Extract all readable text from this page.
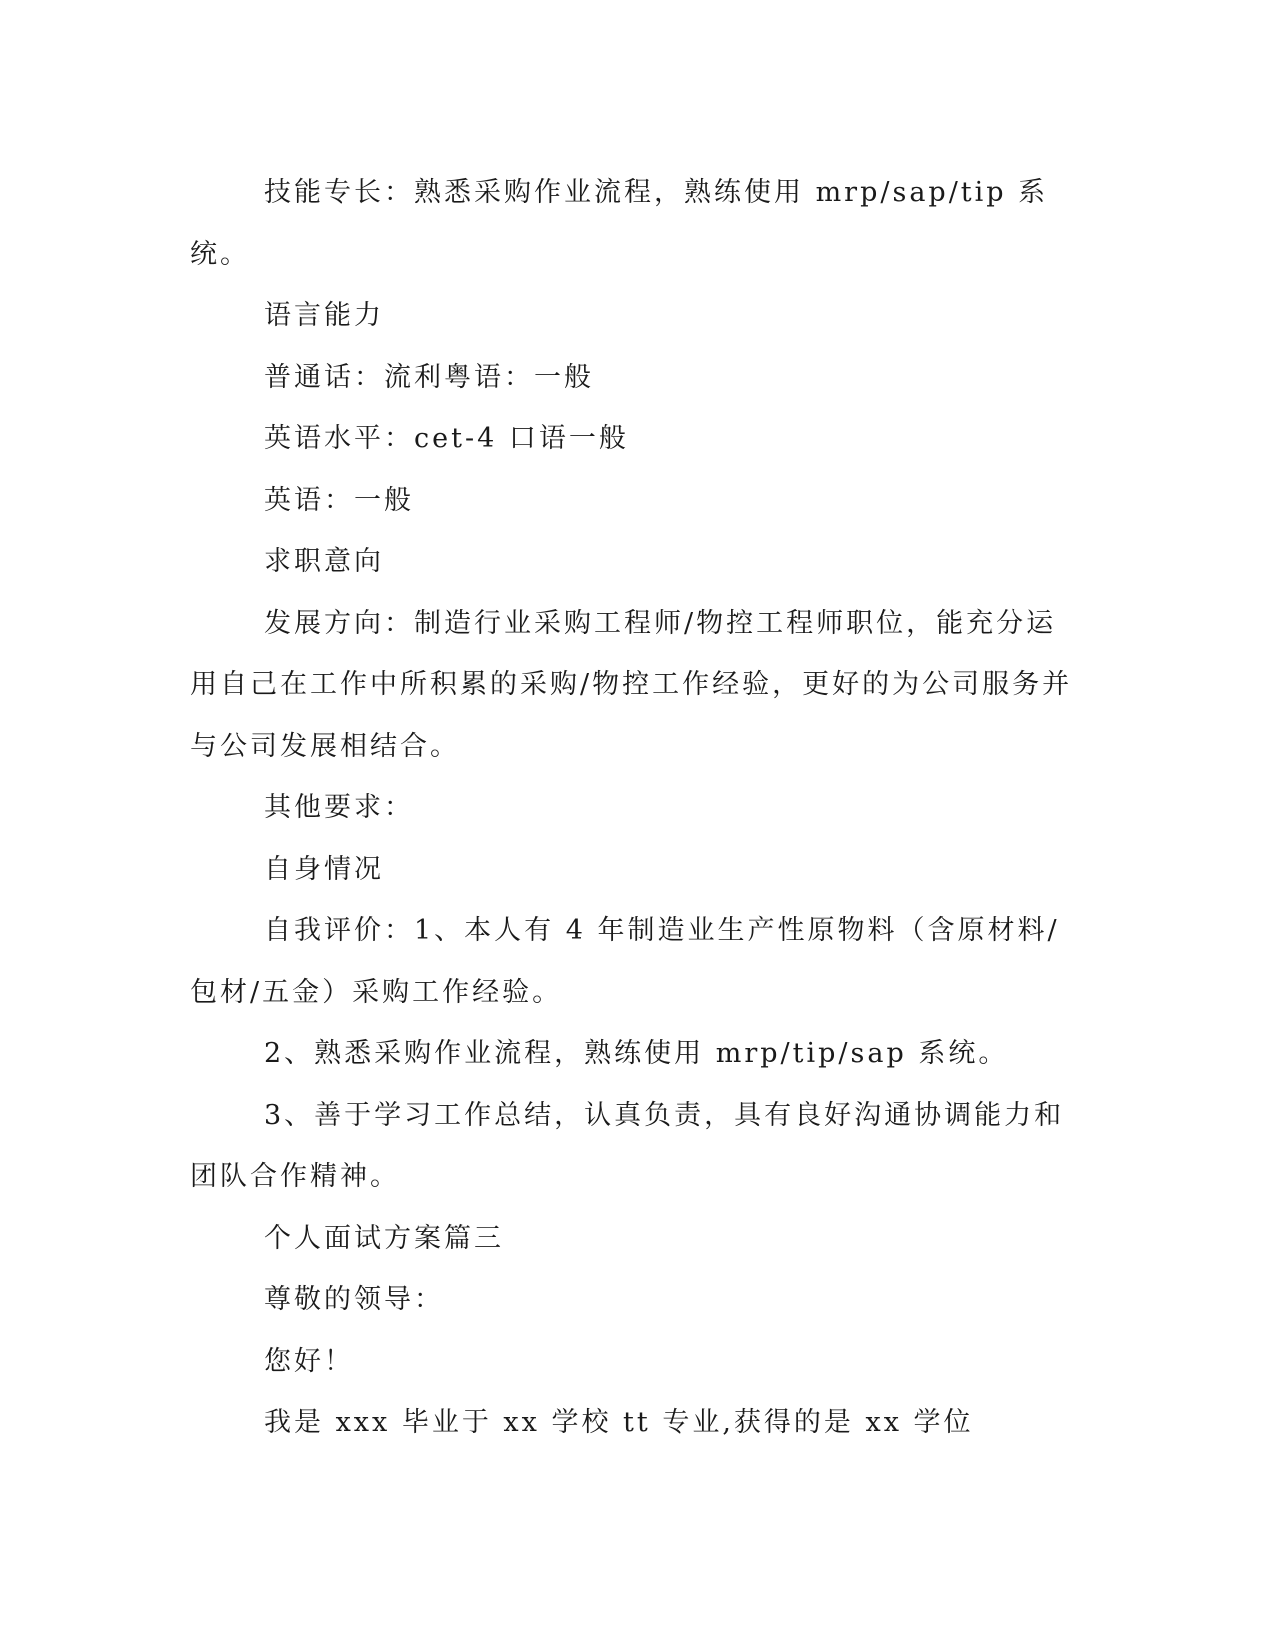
技能专长：熟悉采购作业流程，熟练使用 mrp/sap/tip 系统。

语言能力

普通话：流利粤语：一般

英语水平：cet-4 口语一般

英语：一般

求职意向

发展方向：制造行业采购工程师/物控工程师职位，能充分运用自己在工作中所积累的采购/物控工作经验，更好的为公司服务并与公司发展相结合。

其他要求：

自身情况

自我评价：1、本人有 4 年制造业生产性原物料（含原材料/包材/五金）采购工作经验。

2、熟悉采购作业流程，熟练使用 mrp/tip/sap 系统。

3、善于学习工作总结，认真负责，具有良好沟通协调能力和团队合作精神。

个人面试方案篇三

尊敬的领导：

您好！

我是 xxx 毕业于 xx 学校 tt 专业,获得的是 xx 学位
